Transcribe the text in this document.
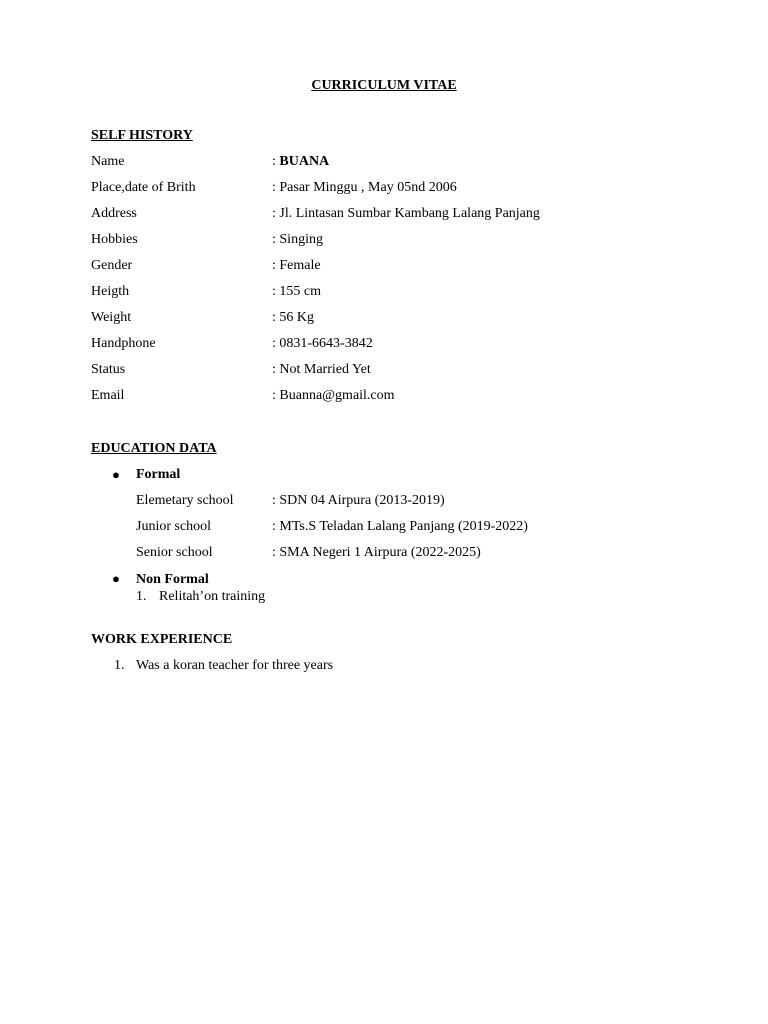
CURRICULUM VITAE
SELF HISTORY
Name	: BUANA
Place,date of Brith	: Pasar Minggu , May 05nd 2006
Address	: Jl. Lintasan Sumbar Kambang Lalang Panjang
Hobbies	: Singing
Gender	: Female
Heigth	: 155 cm
Weight	: 56 Kg
Handphone	: 0831-6643-3842
Status	: Not Married Yet
Email	: Buanna@gmail.com
EDUCATION DATA
● Formal
Elemetary school	: SDN 04 Airpura (2013-2019)
Junior school	: MTs.S Teladan Lalang Panjang (2019-2022)
Senior school	: SMA Negeri 1 Airpura (2022-2025)
● Non Formal
1. Relitah’on training
WORK EXPERIENCE
1. Was a koran teacher for three years
